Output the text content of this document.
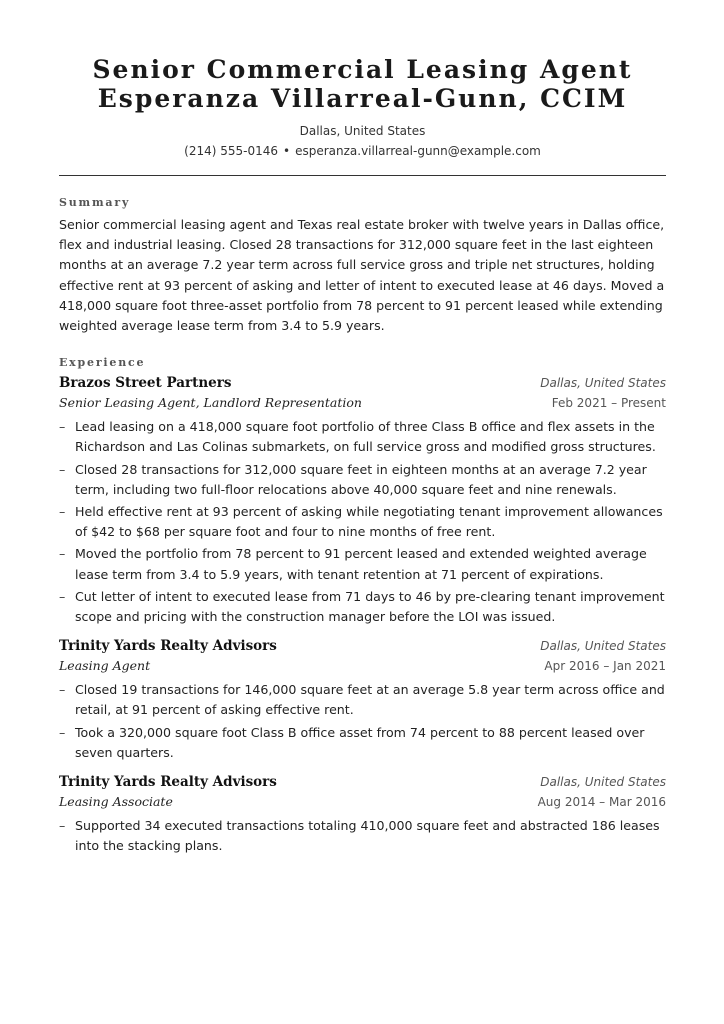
Senior Commercial Leasing Agent
Esperanza Villarreal-Gunn, CCIM
Dallas, United States
(214) 555-0146 • esperanza.villarreal-gunn@example.com
Summary
Senior commercial leasing agent and Texas real estate broker with twelve years in Dallas office, flex and industrial leasing. Closed 28 transactions for 312,000 square feet in the last eighteen months at an average 7.2 year term across full service gross and triple net structures, holding effective rent at 93 percent of asking and letter of intent to executed lease at 46 days. Moved a 418,000 square foot three-asset portfolio from 78 percent to 91 percent leased while extending weighted average lease term from 3.4 to 5.9 years.
Experience
Brazos Street Partners	Dallas, United States
Senior Leasing Agent, Landlord Representation	Feb 2021 – Present
– Lead leasing on a 418,000 square foot portfolio of three Class B office and flex assets in the Richardson and Las Colinas submarkets, on full service gross and modified gross structures.
– Closed 28 transactions for 312,000 square feet in eighteen months at an average 7.2 year term, including two full-floor relocations above 40,000 square feet and nine renewals.
– Held effective rent at 93 percent of asking while negotiating tenant improvement allowances of $42 to $68 per square foot and four to nine months of free rent.
– Moved the portfolio from 78 percent to 91 percent leased and extended weighted average lease term from 3.4 to 5.9 years, with tenant retention at 71 percent of expirations.
– Cut letter of intent to executed lease from 71 days to 46 by pre-clearing tenant improvement scope and pricing with the construction manager before the LOI was issued.
Trinity Yards Realty Advisors	Dallas, United States
Leasing Agent	Apr 2016 – Jan 2021
– Closed 19 transactions for 146,000 square feet at an average 5.8 year term across office and retail, at 91 percent of asking effective rent.
– Took a 320,000 square foot Class B office asset from 74 percent to 88 percent leased over seven quarters.
Trinity Yards Realty Advisors	Dallas, United States
Leasing Associate	Aug 2014 – Mar 2016
– Supported 34 executed transactions totaling 410,000 square feet and abstracted 186 leases into the stacking plans.
